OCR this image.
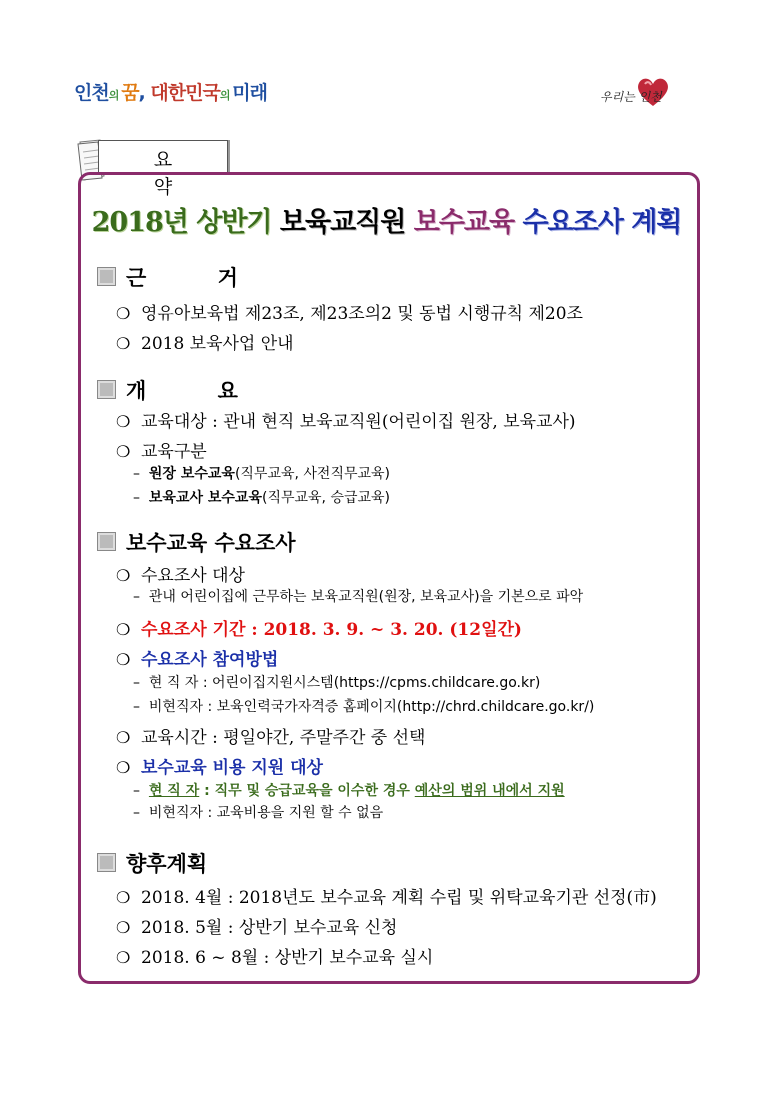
인천의 꿈, 대한민국의 미래	우리는 인천
요 약
2018년 상반기 보육교직원 보수교육 수요조사 계획
근 거
❍ 영유아보육법 제23조, 제23조의2 및 동법 시행규칙 제20조
❍ 2018 보육사업 안내
개 요
❍ 교육대상 : 관내 현직 보육교직원(어린이집 원장, 보육교사)
❍ 교육구분
– 원장 보수교육(직무교육, 사전직무교육)
– 보육교사 보수교육(직무교육, 승급교육)
보수교육 수요조사
❍ 수요조사 대상
– 관내 어린이집에 근무하는 보육교직원(원장, 보육교사)을 기본으로 파악
❍ 수요조사 기간 : 2018. 3. 9. ~ 3. 20. (12일간)
❍ 수요조사 참여방법
– 현 직 자 : 어린이집지원시스템(https://cpms.childcare.go.kr)
– 비현직자 : 보육인력국가자격증 홈페이지(http://chrd.childcare.go.kr/)
❍ 교육시간 : 평일야간, 주말주간 중 선택
❍ 보수교육 비용 지원 대상
– 현 직 자 : 직무 및 승급교육을 이수한 경우 예산의 범위 내에서 지원
– 비현직자 : 교육비용을 지원 할 수 없음
향후계획
❍ 2018. 4월 : 2018년도 보수교육 계획 수립 및 위탁교육기관 선정(市)
❍ 2018. 5월 : 상반기 보수교육 신청
❍ 2018. 6 ~ 8월 : 상반기 보수교육 실시
